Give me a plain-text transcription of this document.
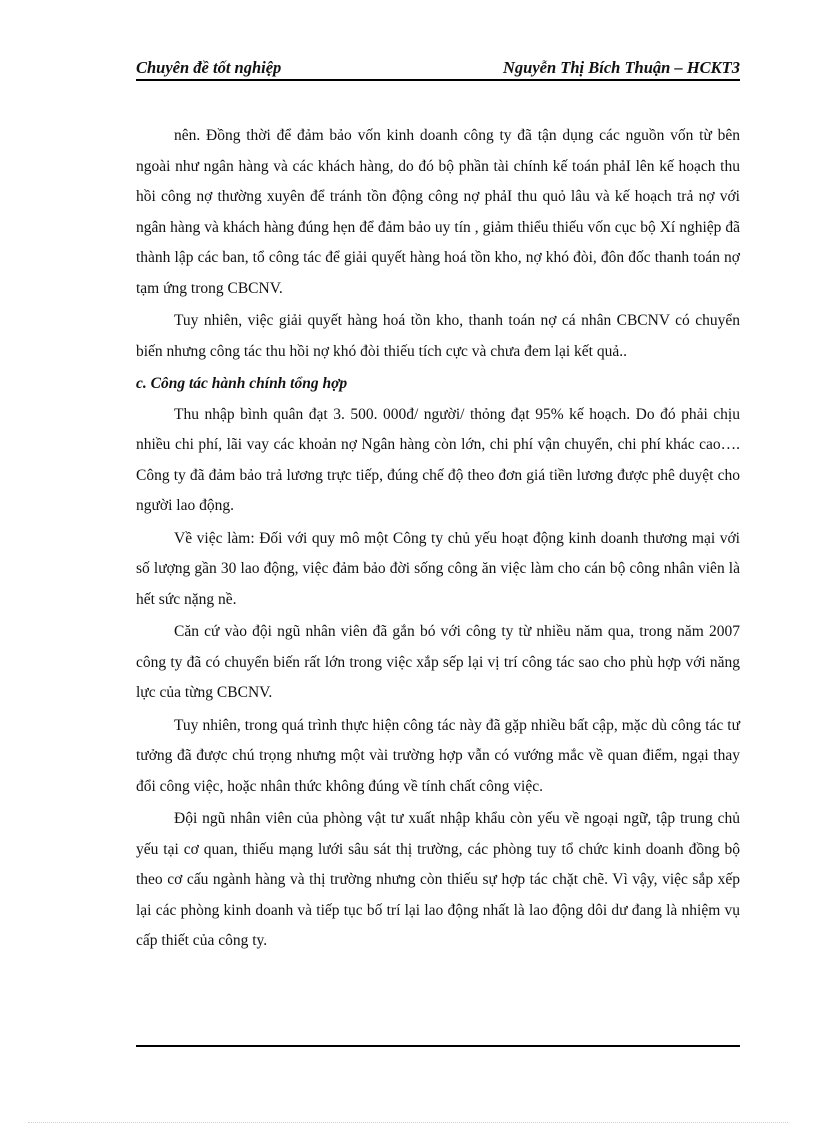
Chuyên đề tốt nghiệp	Nguyễn Thị Bích Thuận – HCKT3

nên. Đồng thời để đảm bảo vốn kinh doanh công ty đã tận dụng các nguồn vốn từ bên ngoài như ngân hàng và các khách hàng, do đó bộ phần tài chính kế toán phảI lên kế hoạch thu hồi công nợ thường xuyên để tránh tồn động công nợ phảI thu quỏ lâu và kế hoạch trả nợ với ngân hàng và khách hàng đúng hẹn để đảm bảo uy tín , giảm thiểu thiếu vốn cục bộ Xí nghiệp đã thành lập các ban, tổ công tác để giải quyết hàng hoá tồn kho, nợ khó đòi, đôn đốc thanh toán nợ tạm ứng trong CBCNV.

Tuy nhiên, việc giải quyết hàng hoá tồn kho, thanh toán nợ cá nhân CBCNV có chuyển biến nhưng công tác thu hồi nợ khó đòi thiếu tích cực và chưa đem lại kết quả..

c. Công tác hành chính tổng hợp

Thu nhập bình quân đạt 3. 500. 000đ/ người/ thỏng đạt 95% kế hoạch. Do đó phải chịu nhiều chi phí, lãi vay các khoản nợ Ngân hàng còn lớn, chi phí vận chuyển, chi phí khác cao…. Công ty đã đảm bảo trả lương trực tiếp, đúng chế độ theo đơn giá tiền lương được phê duyệt cho người lao động.

Về việc làm: Đối với quy mô một Công ty chủ yếu hoạt động kinh doanh thương mại với số lượng gần 30 lao động, việc đảm bảo đời sống công ăn việc làm cho cán bộ công nhân viên là hết sức nặng nề.

Căn cứ vào đội ngũ nhân viên đã gắn bó với công ty từ nhiều năm qua, trong năm 2007 công ty đã có chuyển biến rất lớn trong việc xắp sếp lại vị trí công tác sao cho phù hợp với năng lực của từng CBCNV.

Tuy nhiên, trong quá trình thực hiện công tác này đã gặp nhiều bất cập, mặc dù công tác tư tưởng đã được chú trọng nhưng một vài trường hợp vẫn có vướng mắc về quan điểm, ngại thay đổi công việc, hoặc nhân thức không đúng về tính chất công việc.

Đội ngũ nhân viên của phòng vật tư xuất nhập khẩu còn yếu về ngoại ngữ, tập trung chủ yếu tại cơ quan, thiếu mạng lưới sâu sát thị trường, các phòng tuy tổ chức kinh doanh đồng bộ theo cơ cấu ngành hàng và thị trường nhưng còn thiếu sự hợp tác chặt chẽ. Vì vậy, việc sắp xếp lại các phòng kinh doanh và tiếp tục bố trí lại lao động nhất là lao động dôi dư đang là nhiệm vụ cấp thiết của công ty.
